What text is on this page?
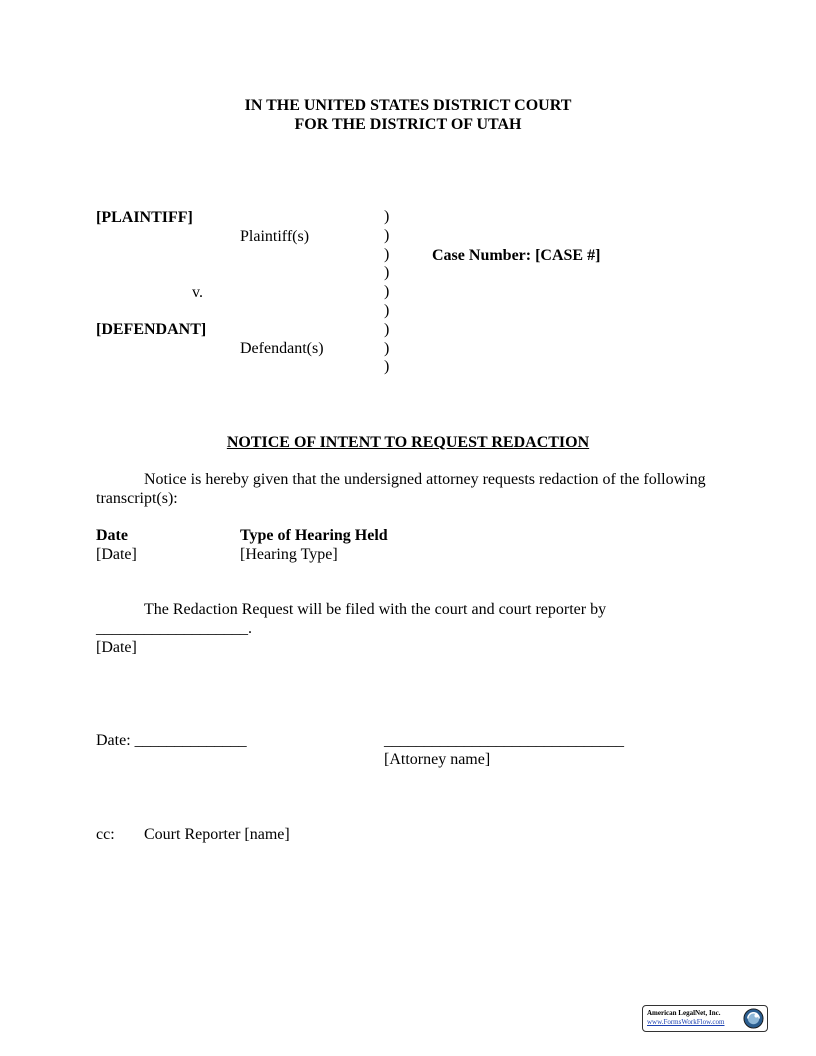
IN THE UNITED STATES DISTRICT COURT
FOR THE DISTRICT OF UTAH
[PLAINTIFF]
Plaintiff(s)
v.
[DEFENDANT]
Defendant(s)
)
)
)
)
)
)
)
)
)
Case Number: [CASE #]
NOTICE OF INTENT TO REQUEST REDACTION
Notice is hereby given that the undersigned attorney requests redaction of the following
transcript(s):
Date	Type of Hearing Held
[Date]	[Hearing Type]
The Redaction Request will be filed with the court and court reporter by
___________________.
[Date]
Date: ______________	______________________________
[Attorney name]
cc: Court Reporter [name]
American LegalNet, Inc.
www.FormsWorkFlow.com
